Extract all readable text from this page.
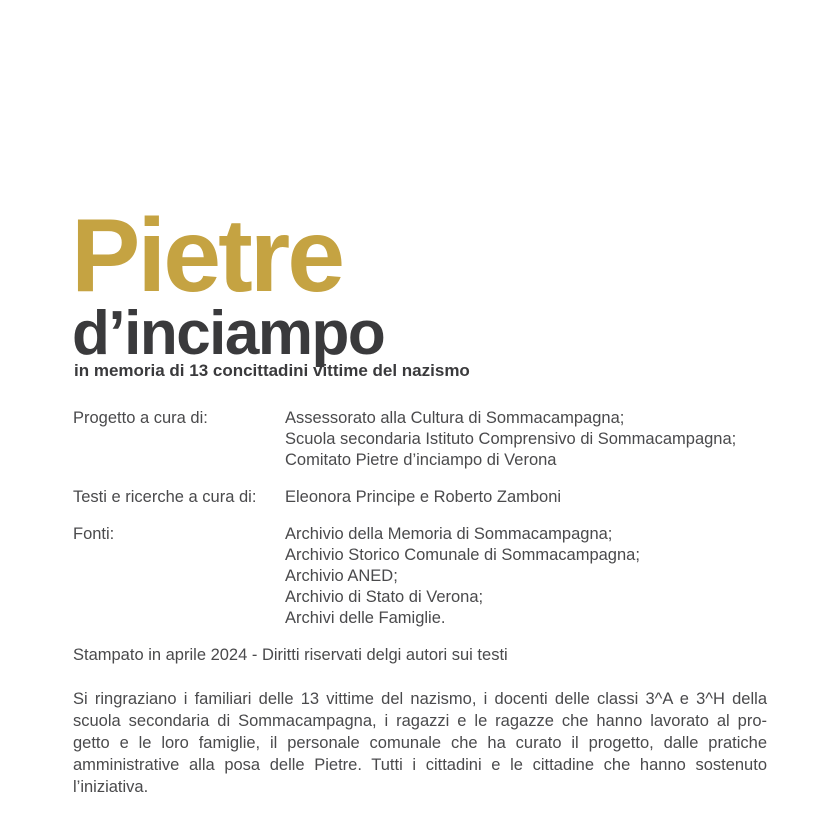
Pietre
d’inciampo
in memoria di 13 concittadini vittime del nazismo
Progetto a cura di:	Assessorato alla Cultura di Sommacampagna;
Scuola secondaria Istituto Comprensivo di Sommacampagna;
Comitato Pietre d’inciampo di Verona
Testi e ricerche a cura di:	Eleonora Principe e Roberto Zamboni
Fonti:	Archivio della Memoria di Sommacampagna;
Archivio Storico Comunale di Sommacampagna;
Archivio ANED;
Archivio di Stato di Verona;
Archivi delle Famiglie.
Stampato in aprile 2024 - Diritti riservati delgi autori sui testi
Si ringraziano i familiari delle 13 vittime del nazismo, i docenti delle classi 3^A e 3^H della
scuola secondaria di Sommacampagna, i ragazzi e le ragazze che hanno lavorato al pro-
getto e le loro famiglie, il personale comunale che ha curato il progetto, dalle pratiche
amministrative alla posa delle Pietre. Tutti i cittadini e le cittadine che hanno sostenuto
l’iniziativa.
